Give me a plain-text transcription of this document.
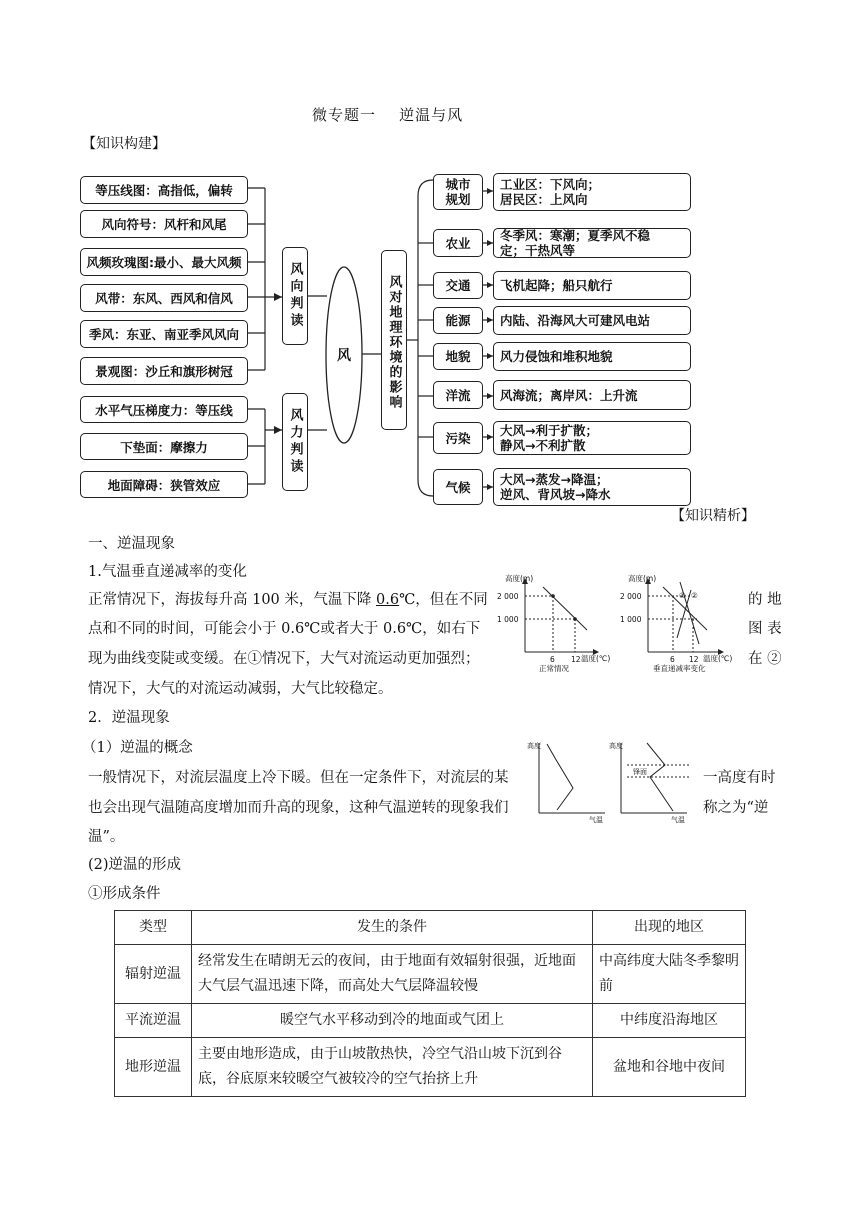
微专题一    逆温与风
【知识构建】
风
等压线图：高指低，偏转
风向符号：风杆和风尾
风频玫瑰图:最小、最大风频
风带：东风、西风和信风
季风：东亚、南亚季风风向
景观图：沙丘和旗形树冠
水平气压梯度力：等压线
下垫面：摩擦力
地面障碍：狭管效应
风向判读
风力判读
风对地理环境的影响
城市规划
工业区：下风向；
居民区：上风向
农业	冬季风：寒潮；夏季风不稳
定；干热风等
交通	飞机起降；船只航行
能源	内陆、沿海风大可建风电站
地貌	风力侵蚀和堆积地貌
洋流	风海流；离岸风：上升流
污染	大风→利于扩散；
静风→不利扩散
气候	大风→蒸发→降温；
逆风、背风坡→降水
【知识精析】
一、逆温现象
1.气温垂直递减率的变化
正常情况下，海拔每升高 100 米，气温下降 0.6℃，但在不同	的 地
点和不同的时间，可能会小于 0.6℃或者大于 0.6℃，如右下	图 表
现为曲线变陡或变缓。在①情况下，大气对流运动更加强烈；	在 ②
情况下，大气的对流运动减弱，大气比较稳定。
2．逆温现象
（1）逆温的概念
一般情况下，对流层温度上冷下暖。但在一定条件下，对流层的某	一高度有时
也会出现气温随高度增加而升高的现象，这种气温逆转的现象我们	称之为“逆
温”。
(2)逆温的形成
①形成条件
高度(m)
2 000
1 000
6 12 温度(℃)
正常情况
高度(m)
2 000
1 000
6 12 温度(℃)
垂直递减率变化
① ②
高度
气温
高度
气温
锋面
类型	发生的条件	出现的地区
辐射逆温	经常发生在晴朗无云的夜间，由于地面有效辐射很强，近地面大气层气温迅速下降，而高处大气层降温较慢	中高纬度大陆冬季黎明前
平流逆温	暖空气水平移动到冷的地面或气团上	中纬度沿海地区
地形逆温	主要由地形造成，由于山坡散热快，冷空气沿山坡下沉到谷底，谷底原来较暖空气被较冷的空气抬挤上升	盆地和谷地中夜间
